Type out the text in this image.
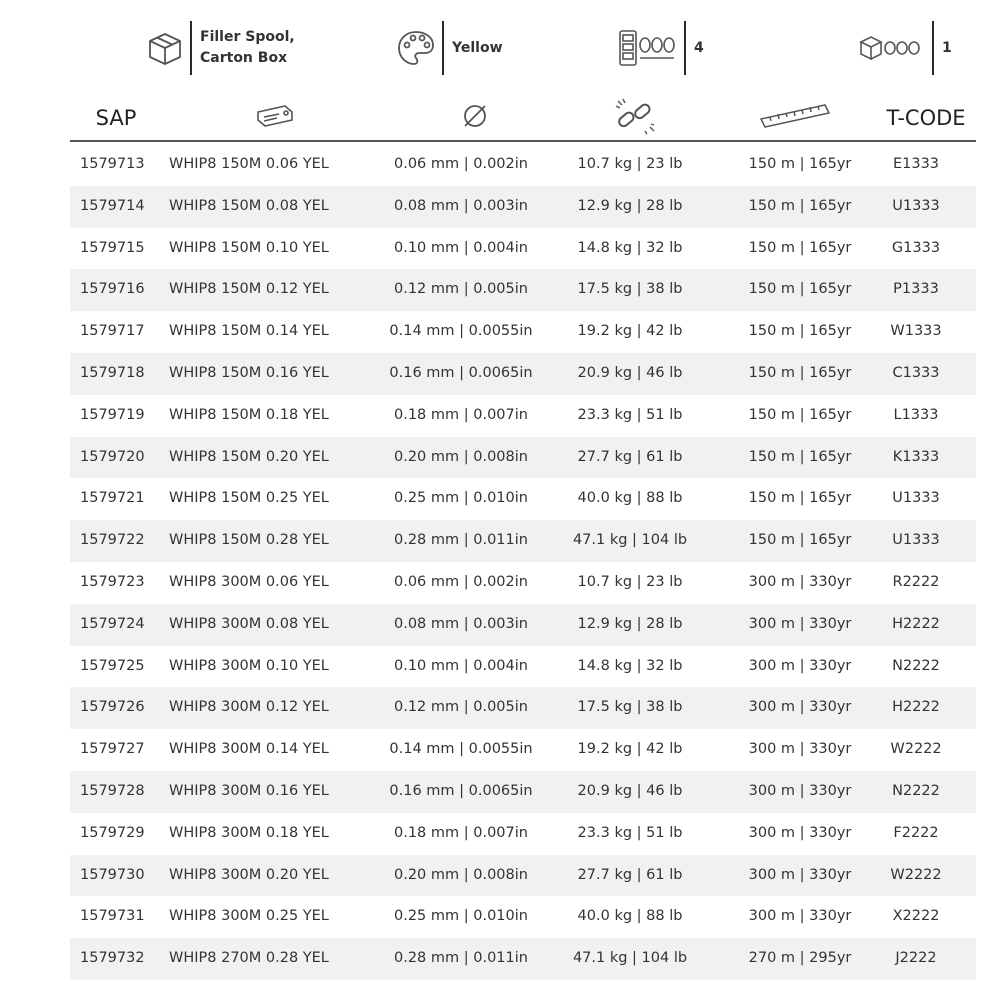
Filler Spool,
Carton Box
Yellow	4	1
SAP	T-CODE
1579713 WHIP8 150M 0.06 YEL	0.06 mm | 0.002in	10.7 kg | 23 lb	150 m | 165yr	E1333
1579714 WHIP8 150M 0.08 YEL	0.08 mm | 0.003in	12.9 kg | 28 lb	150 m | 165yr	U1333
1579715 WHIP8 150M 0.10 YEL	0.10 mm | 0.004in	14.8 kg | 32 lb	150 m | 165yr	G1333
1579716 WHIP8 150M 0.12 YEL	0.12 mm | 0.005in	17.5 kg | 38 lb	150 m | 165yr	P1333
1579717 WHIP8 150M 0.14 YEL	0.14 mm | 0.0055in	19.2 kg | 42 lb	150 m | 165yr	W1333
1579718 WHIP8 150M 0.16 YEL	0.16 mm | 0.0065in	20.9 kg | 46 lb	150 m | 165yr	C1333
1579719 WHIP8 150M 0.18 YEL	0.18 mm | 0.007in	23.3 kg | 51 lb	150 m | 165yr	L1333
1579720 WHIP8 150M 0.20 YEL	0.20 mm | 0.008in	27.7 kg | 61 lb	150 m | 165yr	K1333
1579721 WHIP8 150M 0.25 YEL	0.25 mm | 0.010in	40.0 kg | 88 lb	150 m | 165yr	U1333
1579722 WHIP8 150M 0.28 YEL	0.28 mm | 0.011in	47.1 kg | 104 lb	150 m | 165yr	U1333
1579723 WHIP8 300M 0.06 YEL	0.06 mm | 0.002in	10.7 kg | 23 lb	300 m | 330yr	R2222
1579724 WHIP8 300M 0.08 YEL	0.08 mm | 0.003in	12.9 kg | 28 lb	300 m | 330yr	H2222
1579725 WHIP8 300M 0.10 YEL	0.10 mm | 0.004in	14.8 kg | 32 lb	300 m | 330yr	N2222
1579726 WHIP8 300M 0.12 YEL	0.12 mm | 0.005in	17.5 kg | 38 lb	300 m | 330yr	H2222
1579727 WHIP8 300M 0.14 YEL	0.14 mm | 0.0055in	19.2 kg | 42 lb	300 m | 330yr	W2222
1579728 WHIP8 300M 0.16 YEL	0.16 mm | 0.0065in	20.9 kg | 46 lb	300 m | 330yr	N2222
1579729 WHIP8 300M 0.18 YEL	0.18 mm | 0.007in	23.3 kg | 51 lb	300 m | 330yr	F2222
1579730 WHIP8 300M 0.20 YEL	0.20 mm | 0.008in	27.7 kg | 61 lb	300 m | 330yr	W2222
1579731 WHIP8 300M 0.25 YEL	0.25 mm | 0.010in	40.0 kg | 88 lb	300 m | 330yr	X2222
1579732 WHIP8 270M 0.28 YEL	0.28 mm | 0.011in	47.1 kg | 104 lb	270 m | 295yr	J2222
